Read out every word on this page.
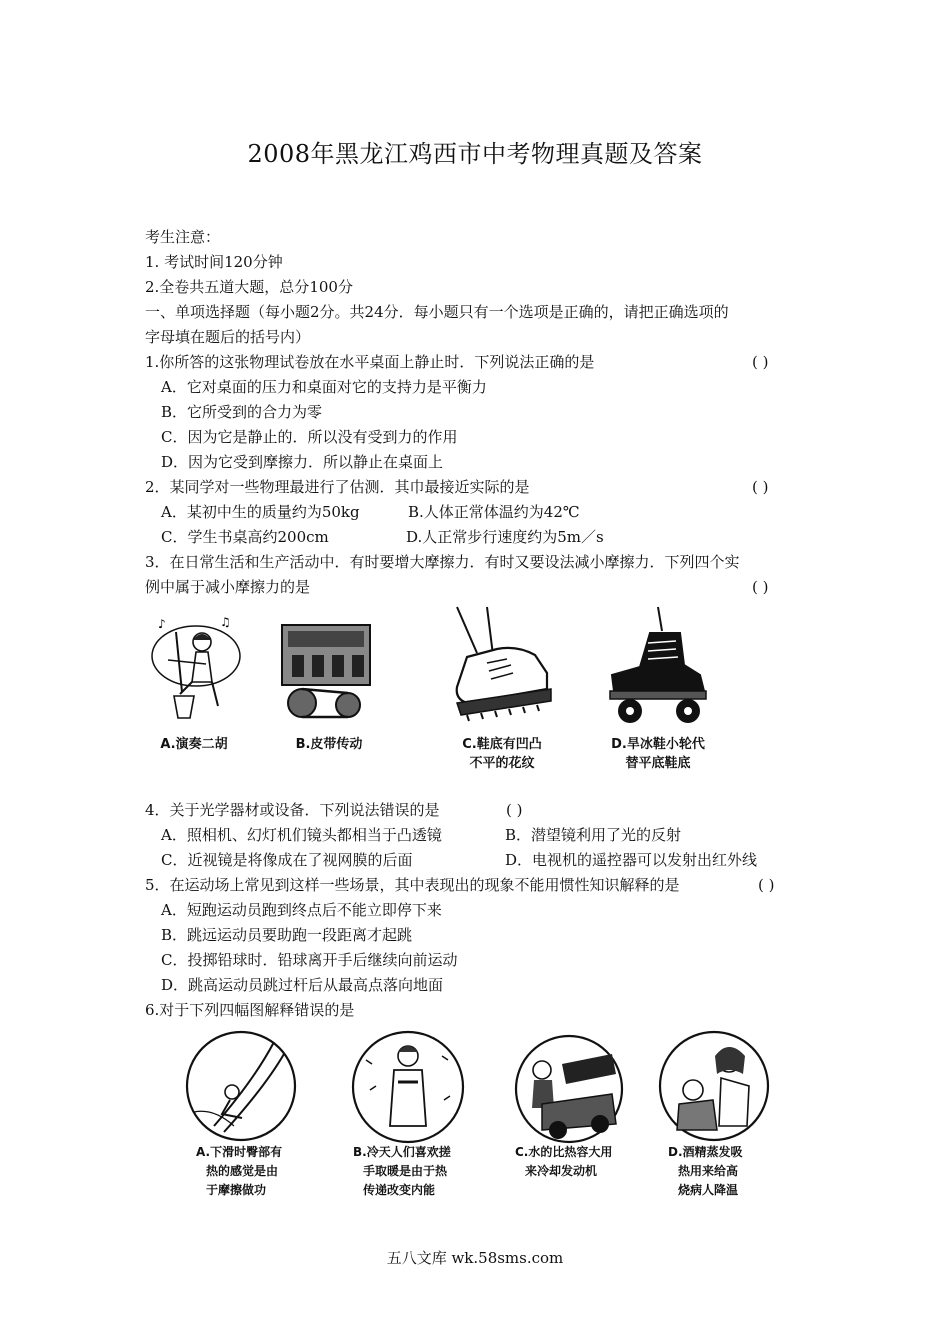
2008年黑龙江鸡西市中考物理真题及答案
考生注意：
1. 考试时间120分钟
2.全卷共五道大题，总分100分
一、单项选择题（每小题2分。共24分．每小题只有一个选项是正确的，请把正确选项的
字母填在题后的括号内）
1.你所答的这张物理试卷放在水平桌面上静止时．下列说法正确的是	( )
A．它对桌面的压力和桌面对它的支持力是平衡力
B．它所受到的合力为零
C．因为它是静止的．所以没有受到力的作用
D．因为它受到摩擦力．所以静止在桌面上
2．某同学对一些物理最进行了估测．其巾最接近实际的是	( )
A．某初中生的质量约为50kg	B.人体正常体温约为42℃
C．学生书桌高约200cm	D.人正常步行速度约为5m／s
3．在日常生活和生产活动中．有时要增大摩擦力．有时又要设法减小摩擦力．下列四个实
例中属于减小摩擦力的是	( )
♪	♫
A.演奏二胡	B.皮带传动	C.鞋底有凹凸
不平的花纹
D.旱冰鞋小轮代
替平底鞋底
4．关于光学器材或设备．下列说法错误的是	( )
A．照相机、幻灯机们镜头都相当于凸透镜	B．潜望镜利用了光的反射
C．近视镜是将像成在了视网膜的后面	D．电视机的遥控器可以发射出红外线
5．在运动场上常见到这样一些场景，其中表现出的现象不能用惯性知识解释的是	( )
A．短跑运动员跑到终点后不能立即停下来
B．跳远运动员要助跑一段距离才起跳
C．投掷铅球时．铅球离开手后继续向前运动
D．跳高运动员跳过杆后从最高点落向地面
6.对于下列四幅图解释错误的是
A.下滑时臀部有
热的感觉是由
于摩擦做功
B.冷天人们喜欢搓
手取暖是由于热
传递改变内能
C.水的比热容大用
来冷却发动机
D.酒精蒸发吸
热用来给高
烧病人降温
五八文库 wk.58sms.com
